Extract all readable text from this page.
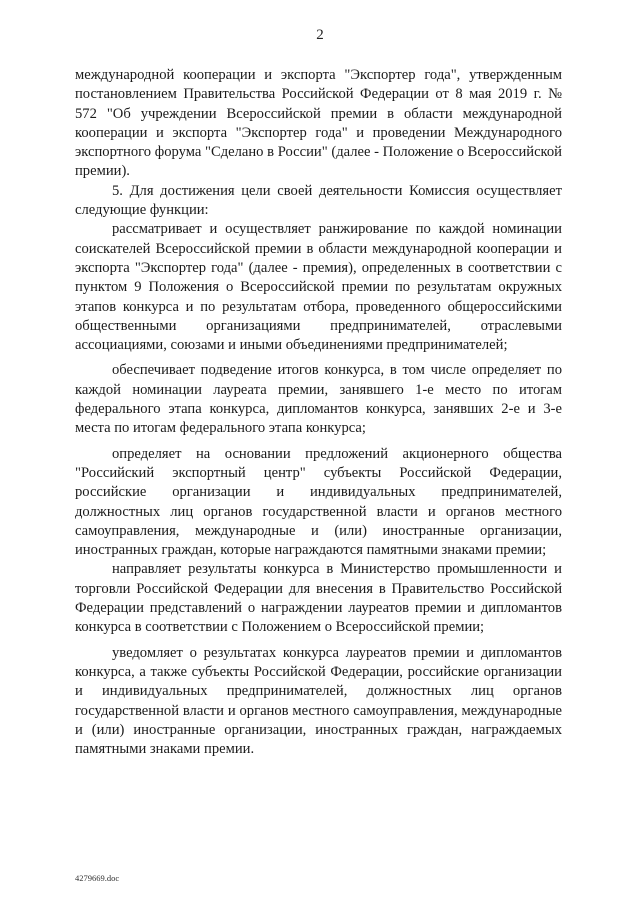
2

международной кооперации и экспорта "Экспортер года", утвержденным постановлением Правительства Российской Федерации от 8 мая 2019 г. № 572 "Об учреждении Всероссийской премии в области международной кооперации и экспорта "Экспортер года" и проведении Международного экспортного форума "Сделано в России" (далее - Положение о Всероссийской премии).

5. Для достижения цели своей деятельности Комиссия осуществляет следующие функции:

рассматривает и осуществляет ранжирование по каждой номинации соискателей Всероссийской премии в области международной кооперации и экспорта "Экспортер года" (далее - премия), определенных в соответствии с пунктом 9 Положения о Всероссийской премии по результатам окружных этапов конкурса и по результатам отбора, проведенного общероссийскими общественными организациями предпринимателей, отраслевыми ассоциациями, союзами и иными объединениями предпринимателей;

обеспечивает подведение итогов конкурса, в том числе определяет по каждой номинации лауреата премии, занявшего 1-е место по итогам федерального этапа конкурса, дипломантов конкурса, занявших 2-е и 3-е места по итогам федерального этапа конкурса;

определяет на основании предложений акционерного общества "Российский экспортный центр" субъекты Российской Федерации, российские организации и индивидуальных предпринимателей, должностных лиц органов государственной власти и органов местного самоуправления, международные и (или) иностранные организации, иностранных граждан, которые награждаются памятными знаками премии;

направляет результаты конкурса в Министерство промышленности и торговли Российской Федерации для внесения в Правительство Российской Федерации представлений о награждении лауреатов премии и дипломантов конкурса в соответствии с Положением о Всероссийской премии;

уведомляет о результатах конкурса лауреатов премии и дипломантов конкурса, а также субъекты Российской Федерации, российские организации и индивидуальных предпринимателей, должностных лиц органов государственной власти и органов местного самоуправления, международные и (или) иностранные организации, иностранных граждан, награждаемых памятными знаками премии.

4279669.doc
